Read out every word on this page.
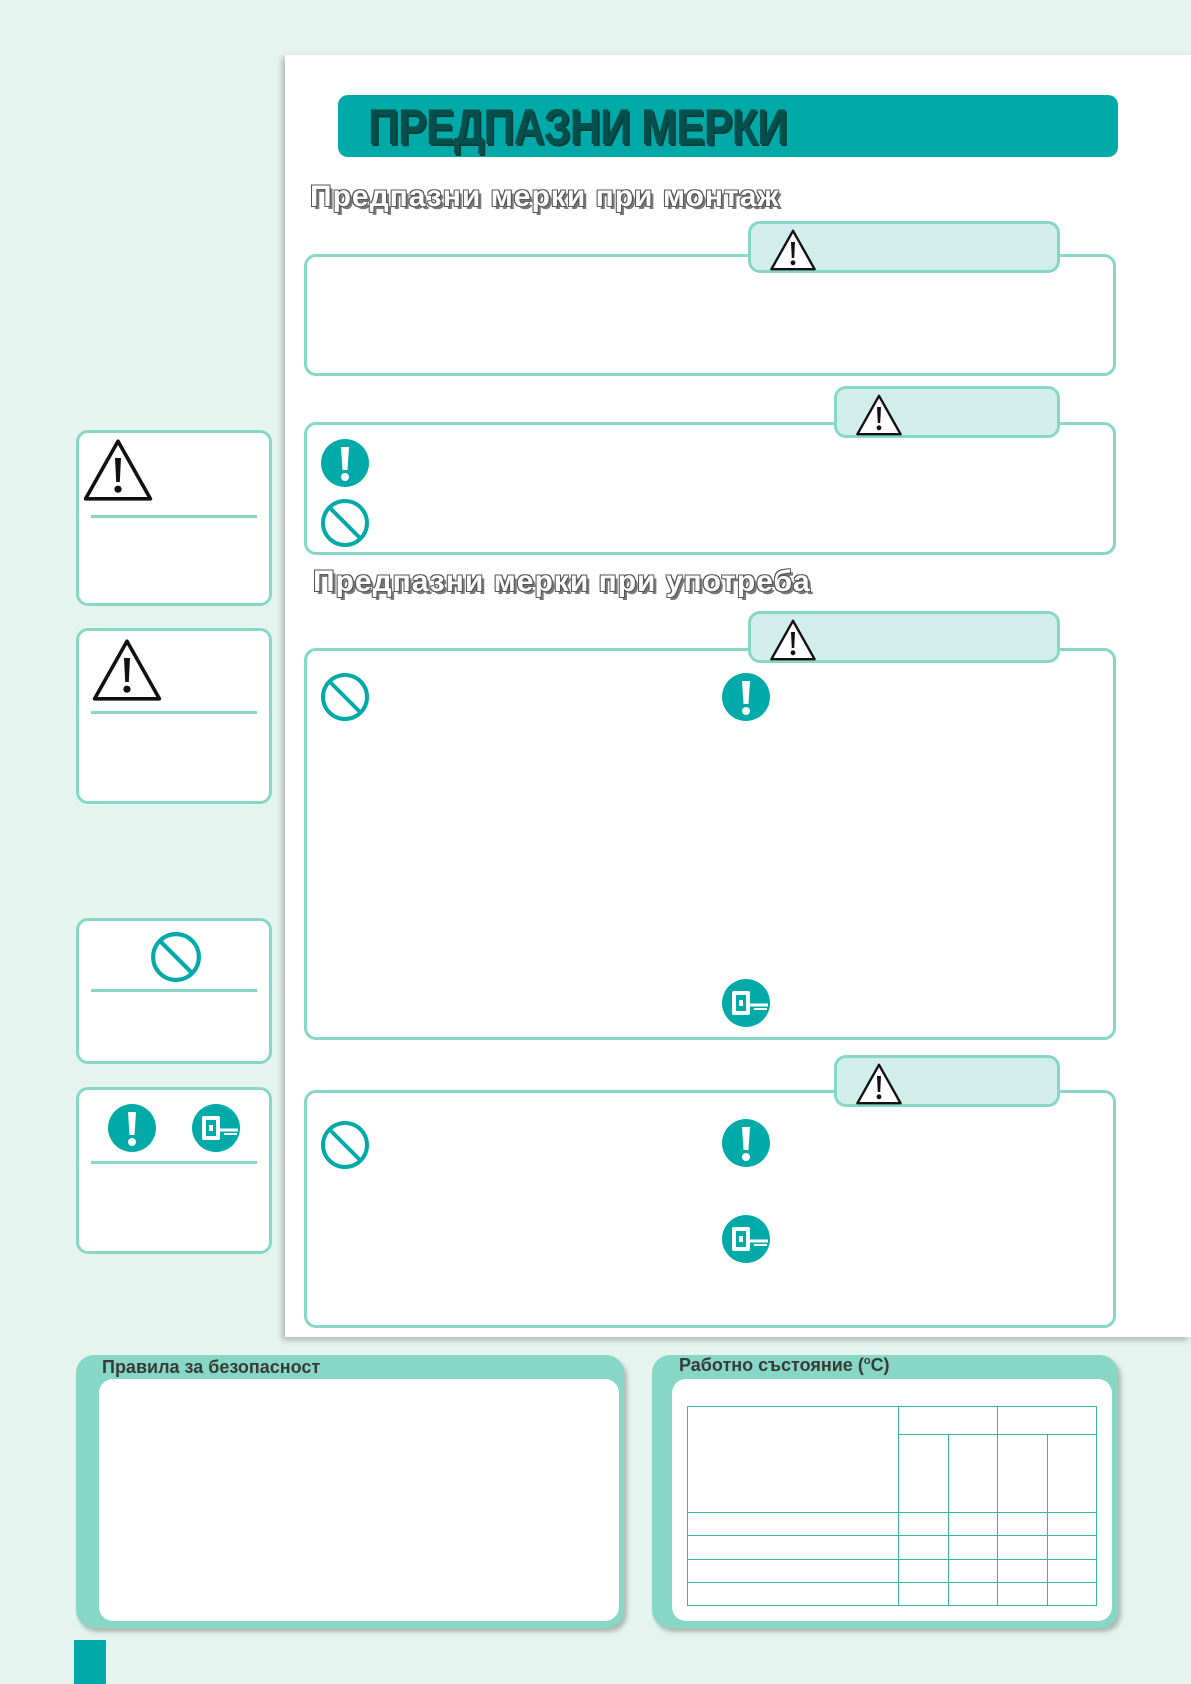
ПРЕДПАЗНИ МЕРКИ
Предпазни мерки при монтаж
Предпазни мерки при употреба
Правила за безопасност	Работно състояние ($^o$C)
